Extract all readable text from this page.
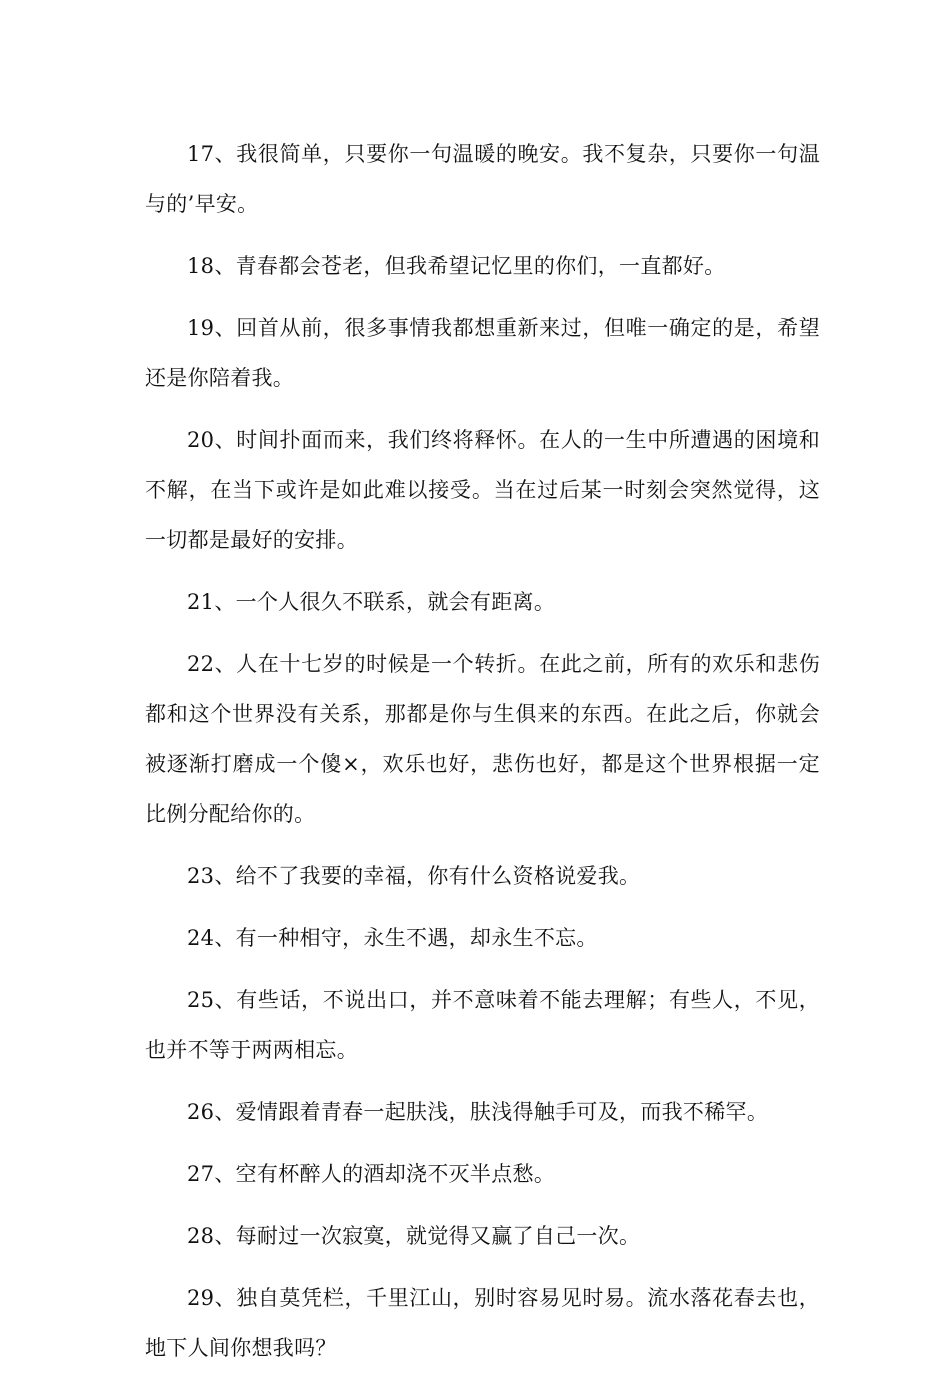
17、我很简单，只要你一句温暖的晚安。我不复杂，只要你一句温与的’早安。

18、青春都会苍老，但我希望记忆里的你们，一直都好。

19、回首从前，很多事情我都想重新来过，但唯一确定的是，希望还是你陪着我。

20、时间扑面而来，我们终将释怀。在人的一生中所遭遇的困境和不解，在当下或许是如此难以接受。当在过后某一时刻会突然觉得，这一切都是最好的安排。

21、一个人很久不联系，就会有距离。

22、人在十七岁的时候是一个转折。在此之前，所有的欢乐和悲伤都和这个世界没有关系，那都是你与生俱来的东西。在此之后，你就会被逐渐打磨成一个傻×，欢乐也好，悲伤也好，都是这个世界根据一定比例分配给你的。

23、给不了我要的幸福，你有什么资格说爱我。

24、有一种相守，永生不遇，却永生不忘。

25、有些话，不说出口，并不意味着不能去理解；有些人，不见，也并不等于两两相忘。

26、爱情跟着青春一起肤浅，肤浅得触手可及，而我不稀罕。

27、空有杯醉人的酒却浇不灭半点愁。

28、每耐过一次寂寞，就觉得又赢了自己一次。

29、独自莫凭栏，千里江山，别时容易见时易。流水落花春去也，地下人间你想我吗？
